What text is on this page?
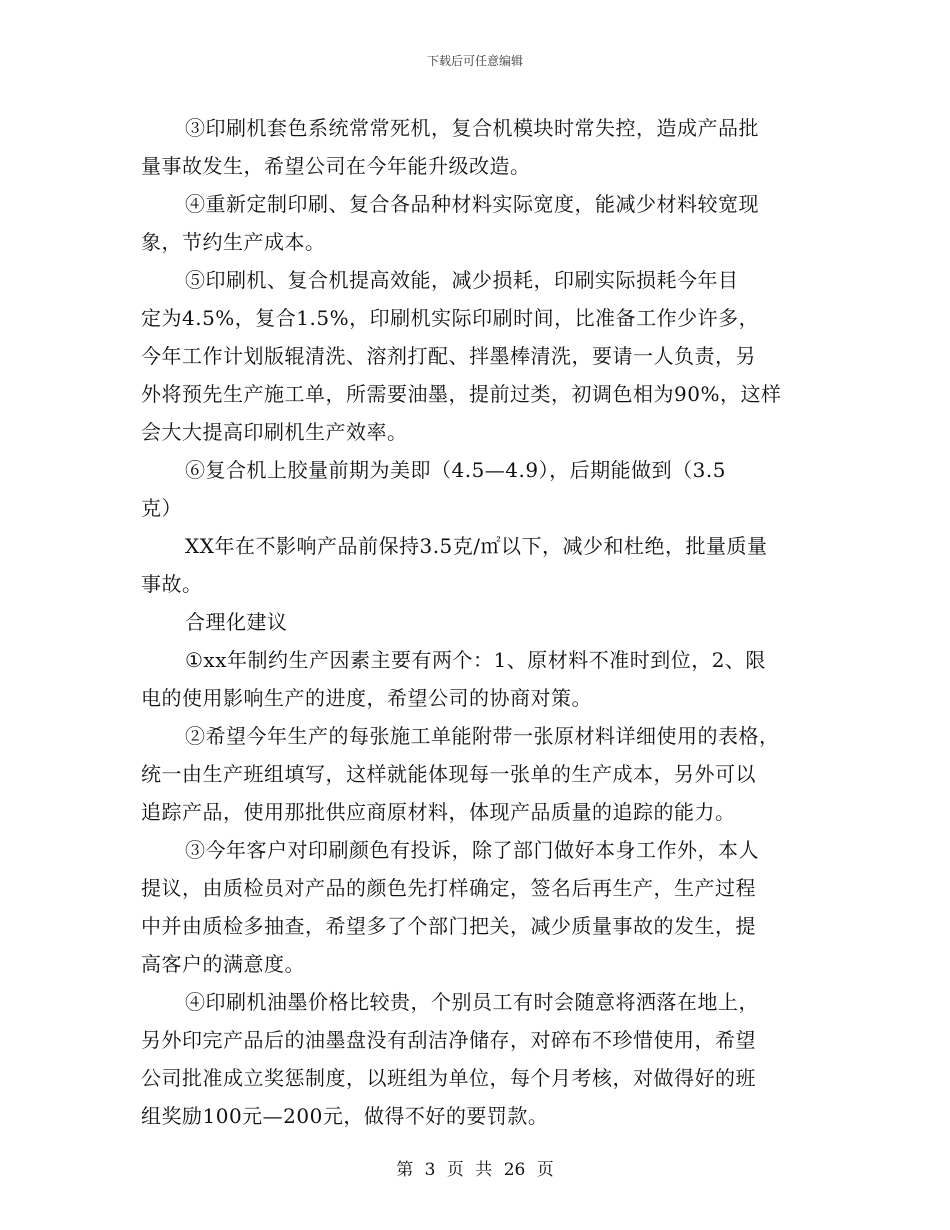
下载后可任意编辑

③印刷机套色系统常常死机，复合机模块时常失控，造成产品批

量事故发生，希望公司在今年能升级改造。

④重新定制印刷、复合各品种材料实际宽度，能减少材料较宽现

象，节约生产成本。

⑤印刷机、复合机提高效能，减少损耗，印刷实际损耗今年目

定为4.5%，复合1.5%，印刷机实际印刷时间，比准备工作少许多，

今年工作计划版辊清洗、溶剂打配、拌墨棒清洗，要请一人负责，另

外将预先生产施工单，所需要油墨，提前过类，初调色相为90%，这样

会大大提高印刷机生产效率。

⑥复合机上胶量前期为美即（4.5—4.9），后期能做到（3.5

克）

XX年在不影响产品前保持3.5克/㎡以下，减少和杜绝，批量质量

事故。

合理化建议

①xx年制约生产因素主要有两个：1、原材料不准时到位，2、限

电的使用影响生产的进度，希望公司的协商对策。

②希望今年生产的每张施工单能附带一张原材料详细使用的表格，

统一由生产班组填写，这样就能体现每一张单的生产成本，另外可以

追踪产品，使用那批供应商原材料，体现产品质量的追踪的能力。

③今年客户对印刷颜色有投诉，除了部门做好本身工作外，本人

提议，由质检员对产品的颜色先打样确定，签名后再生产，生产过程

中并由质检多抽查，希望多了个部门把关，减少质量事故的发生，提

高客户的满意度。

④印刷机油墨价格比较贵，个别员工有时会随意将洒落在地上，

另外印完产品后的油墨盘没有刮洁净储存，对碎布不珍惜使用，希望

公司批准成立奖惩制度，以班组为单位，每个月考核，对做得好的班

组奖励100元—200元，做得不好的要罚款。

第 3 页 共 26 页
